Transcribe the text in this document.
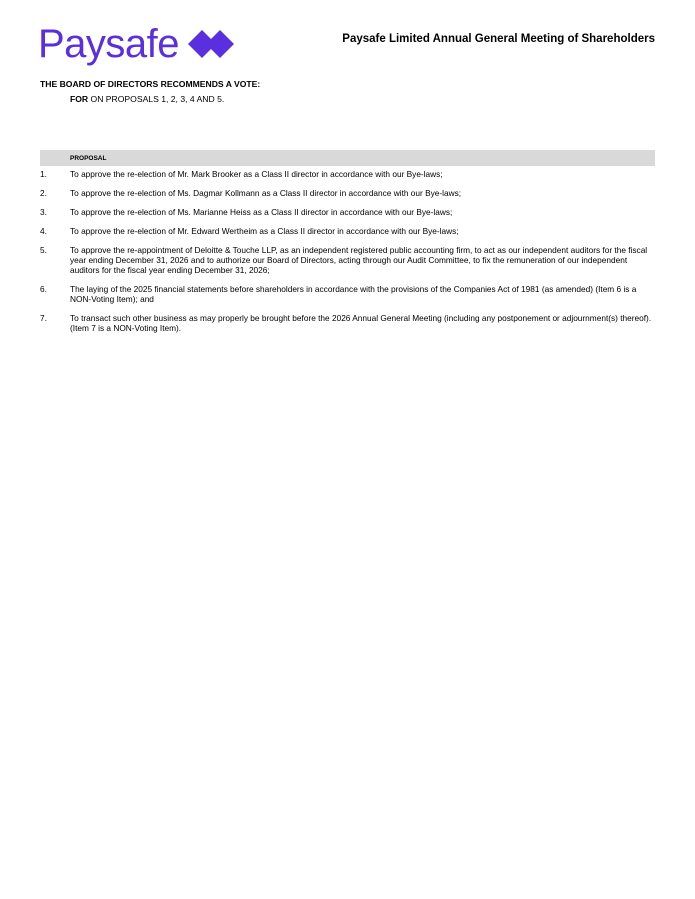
Paysafe	Paysafe Limited Annual General Meeting of Shareholders
THE BOARD OF DIRECTORS RECOMMENDS A VOTE:
FOR ON PROPOSALS 1, 2, 3, 4 AND 5.
PROPOSAL
1.	To approve the re-election of Mr. Mark Brooker as a Class II director in accordance with our Bye-laws;
2.	To approve the re-election of Ms. Dagmar Kollmann as a Class II director in accordance with our Bye-laws;
3.	To approve the re-election of Ms. Marianne Heiss as a Class II director in accordance with our Bye-laws;
4.	To approve the re-election of Mr. Edward Wertheim as a Class II director in accordance with our Bye-laws;
5.	To approve the re-appointment of Deloitte & Touche LLP, as an independent registered public accounting firm, to act as our independent auditors for the fiscal year ending December 31, 2026 and to authorize our Board of Directors, acting through our Audit Committee, to fix the remuneration of our independent auditors for the fiscal year ending December 31, 2026;
6.	The laying of the 2025 financial statements before shareholders in accordance with the provisions of the Companies Act of 1981 (as amended) (Item 6 is a NON-Voting Item); and
7.	To transact such other business as may properly be brought before the 2026 Annual General Meeting (including any postponement or adjournment(s) thereof). (Item 7 is a NON-Voting Item).
